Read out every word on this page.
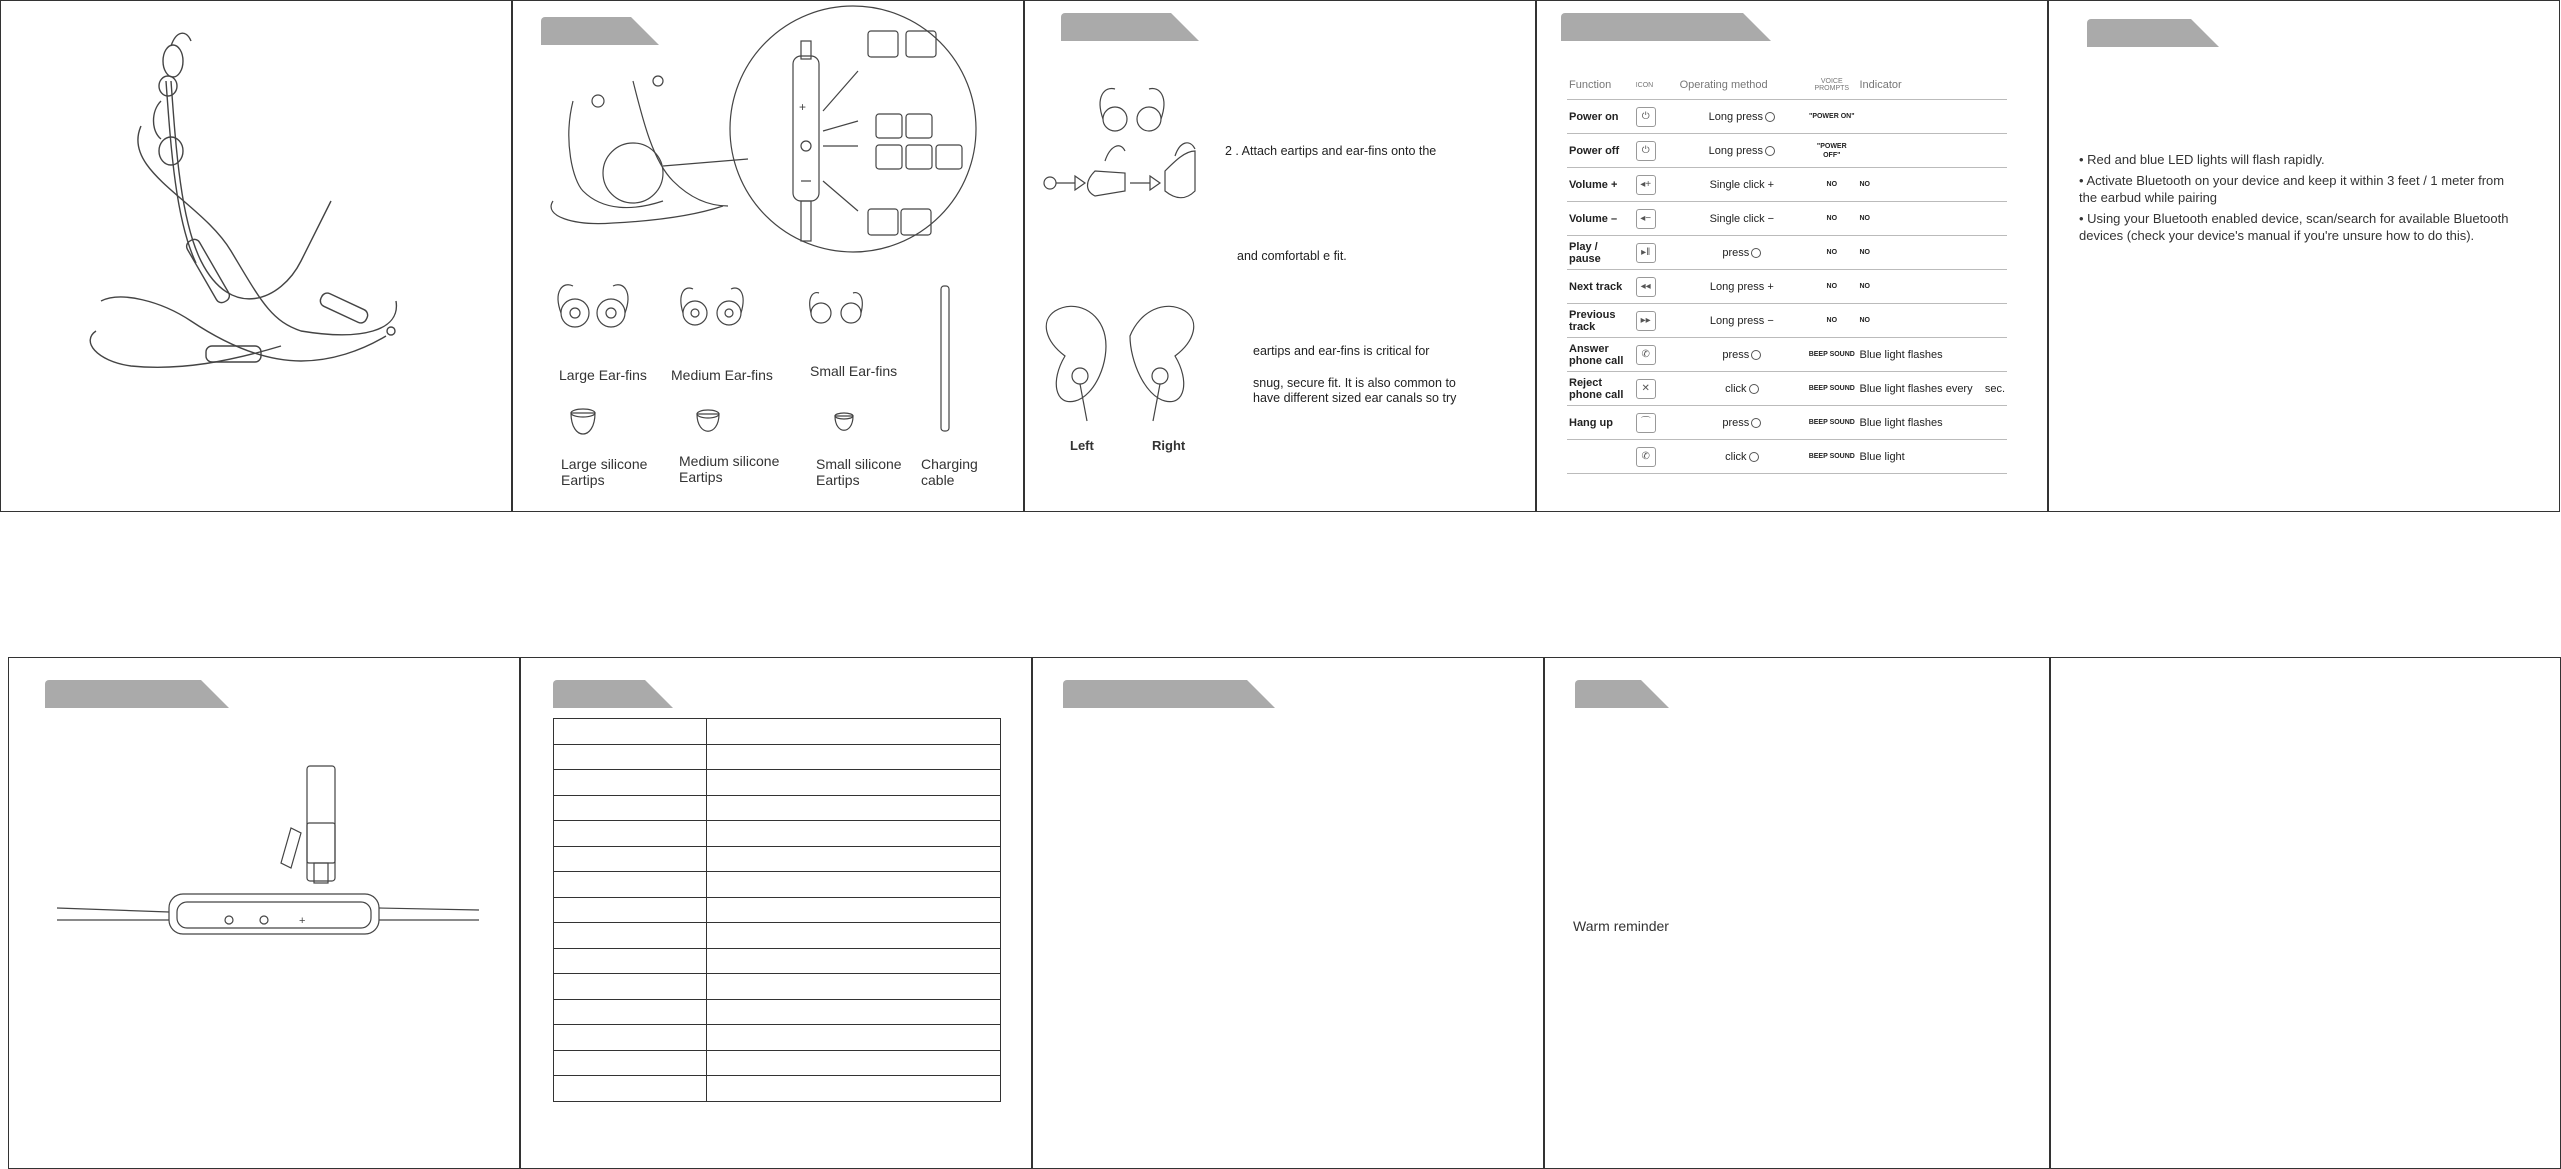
+
Large Ear-fins Medium Ear-fins	Small Ear-fins
Charging cable
Large silicone Eartips
Medium silicone Eartips
Small silicone Eartips
2 . Attach eartips and ear-fins onto the
and comfortabl e fit.
eartips and ear-fins is critical for
snug, secure fit. It is also common to
have different sized ear canals so try
Left	Right
Function	ICON	Operating method	VOICE PROMPTS	Indicator
Power on	⏻	Long press	"POWER ON"	
Power off	⏻	Long press	"POWER OFF"	
Volume +	◂+	Single click +	NO	NO
Volume –	◂−	Single click −	NO	NO
Play / pause	▸‖	press	NO	NO
Next track	◂◂	Long press +	NO	NO
Previous track	▸▸	Long press −	NO	NO
Answer phone call	✆	press	BEEP SOUND	Blue light flashes
Reject phone call	✕	click	BEEP SOUND	Blue light flashes every    sec.
Hang up	⌒	press	BEEP SOUND	Blue light flashes
	✆	click	BEEP SOUND	Blue light
• Red and blue LED lights will flash rapidly.
• Activate Bluetooth on your device and keep it within 3 feet / 1 meter from the earbud while pairing
• Using your Bluetooth enabled device, scan/search for available Bluetooth devices (check your device's manual if you're unsure how to do this).
+

		Warm reminder
